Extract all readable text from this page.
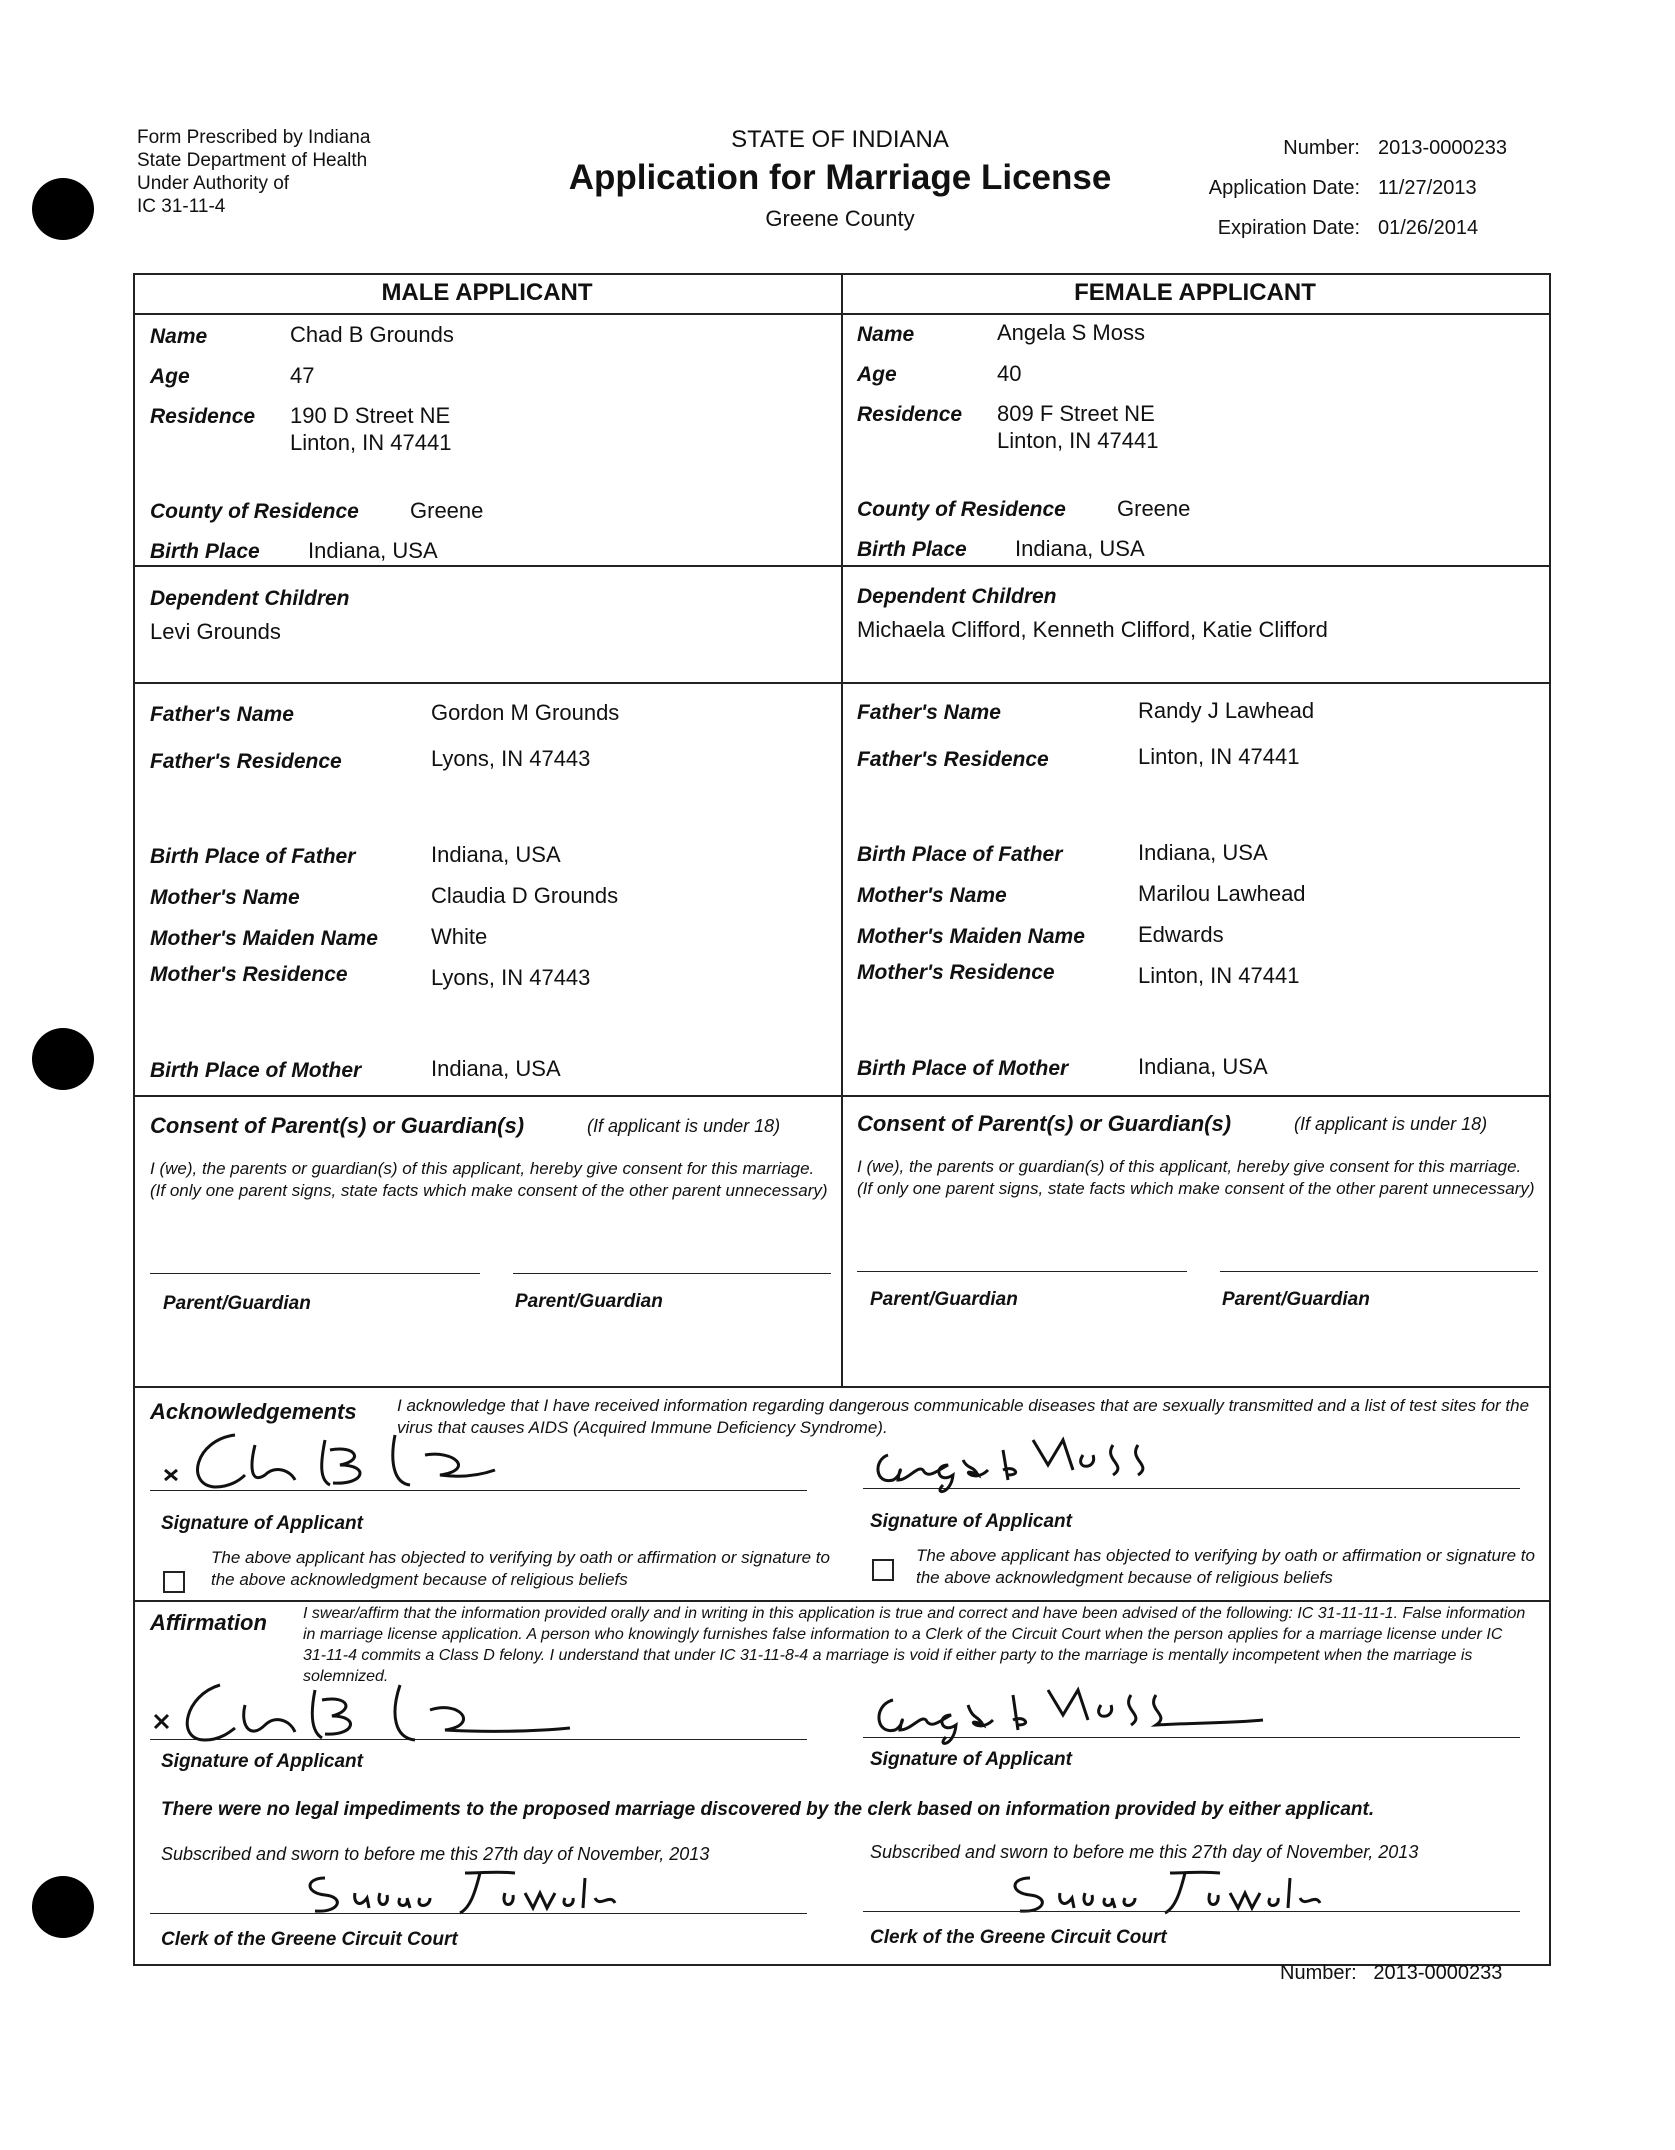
Form Prescribed by Indiana
State Department of Health
Under Authority of
IC 31-11-4
STATE OF INDIANA
Application for Marriage License
Greene County
Number: 2013-0000233
Application Date: 11/27/2013
Expiration Date: 01/26/2014
MALE APPLICANT	FEMALE APPLICANT
Name	Chad B Grounds
Age	47
Residence 190 D Street NE
Linton, IN 47441
County of Residence Greene
Birth Place Indiana, USA
Dependent Children
Levi Grounds
Father's Name	Gordon M Grounds
Father's Residence	Lyons, IN 47443
Birth Place of Father	Indiana, USA
Mother's Name	Claudia D Grounds
Mother's Maiden Name White
Mother's Residence	Lyons, IN 47443
Birth Place of Mother	Indiana, USA
Consent of Parent(s) or Guardian(s)	(If applicant is under 18)
I (we), the parents or guardian(s) of this applicant, hereby give consent for this marriage. (If only one parent signs, state facts which make consent of the other parent unnecessary)
Parent/Guardian	Parent/Guardian
Name	Angela S Moss
Age	40
Residence 809 F Street NE
Linton, IN 47441
County of Residence Greene
Birth Place Indiana, USA
Dependent Children
Michaela Clifford, Kenneth Clifford, Katie Clifford
Father's Name	Randy J Lawhead
Father's Residence	Linton, IN 47441
Birth Place of Father	Indiana, USA
Mother's Name	Marilou Lawhead
Mother's Maiden Name Edwards
Mother's Residence	Linton, IN 47441
Birth Place of Mother	Indiana, USA
Consent of Parent(s) or Guardian(s)	(If applicant is under 18)
I (we), the parents or guardian(s) of this applicant, hereby give consent for this marriage. (If only one parent signs, state facts which make consent of the other parent unnecessary)
Parent/Guardian	Parent/Guardian
Acknowledgements I acknowledge that I have received information regarding dangerous communicable diseases that are sexually transmitted and a list of test sites for the virus that causes AIDS (Acquired Immune Deficiency Syndrome).
Signature of Applicant	Signature of Applicant
The above applicant has objected to verifying by oath or affirmation or signature to the above acknowledgment because of religious beliefs
The above applicant has objected to verifying by oath or affirmation or signature to the above acknowledgment because of religious beliefs
Affirmation I swear/affirm that the information provided orally and in writing in this application is true and correct and have been advised of the following: IC 31-11-11-1. False information in marriage license application. A person who knowingly furnishes false information to a Clerk of the Circuit Court when the person applies for a marriage license under IC 31-11-4 commits a Class D felony. I understand that under IC 31-11-8-4 a marriage is void if either party to the marriage is mentally incompetent when the marriage is solemnized.
Signature of Applicant	Signature of Applicant
There were no legal impediments to the proposed marriage discovered by the clerk based on information provided by either applicant.
Subscribed and sworn to before me this 27th day of November, 2013	Subscribed and sworn to before me this 27th day of November, 2013
Clerk of the Greene Circuit Court	Clerk of the Greene Circuit Court
Number: 2013-0000233
